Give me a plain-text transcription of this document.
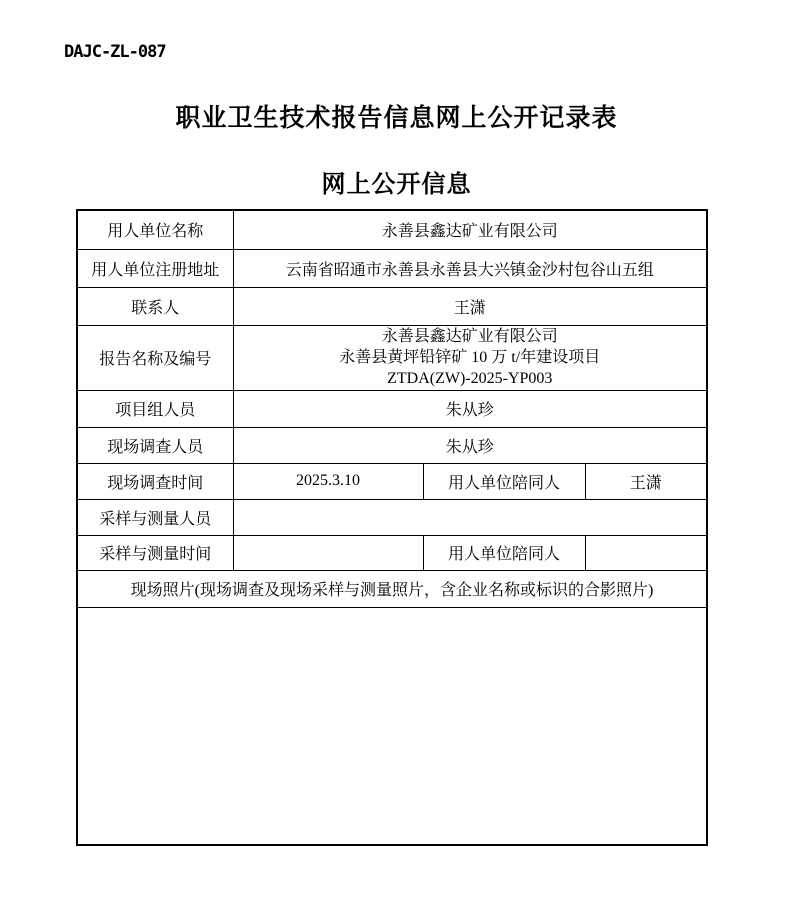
DAJC-ZL-087
职业卫生技术报告信息网上公开记录表
网上公开信息
用人单位名称	永善县鑫达矿业有限公司		
用人单位注册地址	云南省昭通市永善县永善县大兴镇金沙村包谷山五组		
联系人	王潇		
报告名称及编号	永善县鑫达矿业有限公司
永善县黄坪铅锌矿 10 万 t/年建设项目
ZTDA(ZW)-2025-YP003		

项目组人员	朱从珍		
现场调查人员	朱从珍		
现场调查时间	2025.3.10	用人单位陪同人	王潇
采样与测量人员			
采样与测量时间		用人单位陪同人	
现场照片(现场调查及现场采样与测量照片，含企业名称或标识的合影照片)			
